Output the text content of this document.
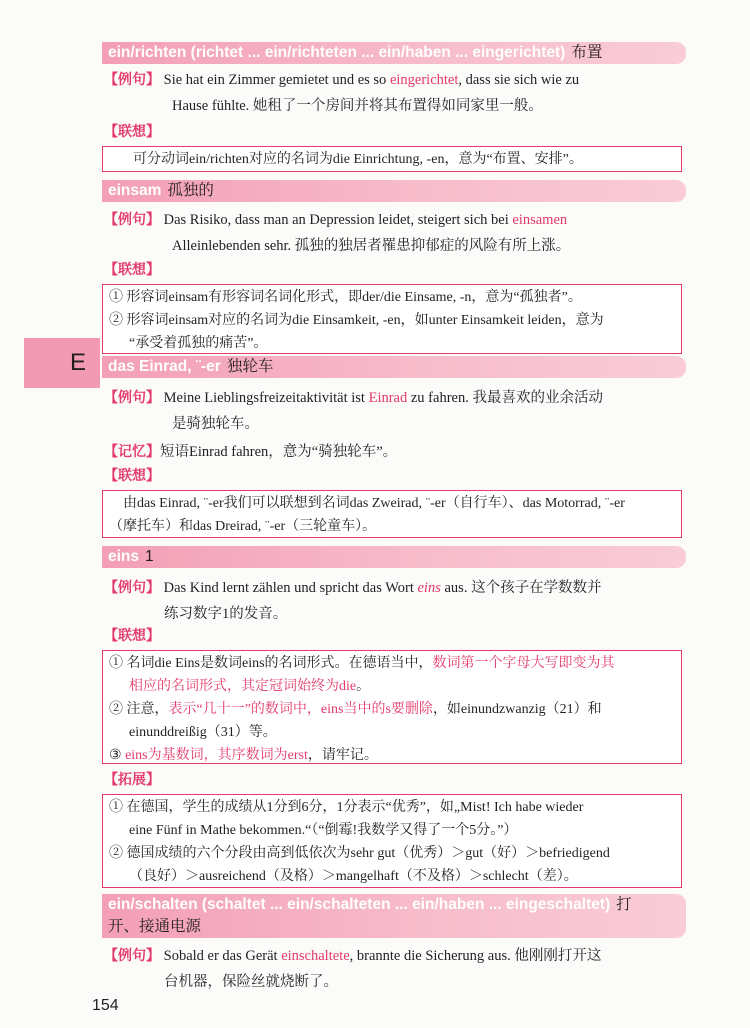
ein/richten (richtet ... ein/richteten ... ein/haben ... eingerichtet) 布置
【例句】 Sie hat ein Zimmer gemietet und es so eingerichtet, dass sie sich wie zu
Hause fühlte. 她租了一个房间并将其布置得如同家里一般。
【联想】
可分动词ein/richten对应的名词为die Einrichtung, -en，意为“布置、安排”。
einsam 孤独的
【例句】 Das Risiko, dass man an Depression leidet, steigert sich bei einsamen
Alleinlebenden sehr. 孤独的独居者罹患抑郁症的风险有所上涨。
【联想】
① 形容词einsam有形容词名词化形式，即der/die Einsame, -n，意为“孤独者”。
② 形容词einsam对应的名词为die Einsamkeit, -en，如unter Einsamkeit leiden，意为
“承受着孤独的痛苦”。
E	das Einrad, ¨-er 独轮车
【例句】 Meine Lieblingsfreizeitaktivität ist Einrad zu fahren. 我最喜欢的业余活动
是骑独轮车。
【记忆】短语Einrad fahren，意为“骑独轮车”。
【联想】
由das Einrad, ¨-er我们可以联想到名词das Zweirad, ¨-er（自行车）、das Motorrad, ¨-er
（摩托车）和das Dreirad, ¨-er（三轮童车）。
eins 1
【例句】 Das Kind lernt zählen und spricht das Wort eins aus. 这个孩子在学数数并
练习数字1的发音。
【联想】
① 名词die Eins是数词eins的名词形式。在德语当中，数词第一个字母大写即变为其
相应的名词形式，其定冠词始终为die。
② 注意，表示“几十一”的数词中，eins当中的s要删除，如einundzwanzig（21）和
einunddreißig（31）等。
③ eins为基数词，其序数词为erst，请牢记。
【拓展】
① 在德国，学生的成绩从1分到6分，1分表示“优秀”，如„Mist! Ich habe wieder
eine Fünf in Mathe bekommen.“（“倒霉!我数学又得了一个5分。”）
② 德国成绩的六个分段由高到低依次为sehr gut（优秀）＞gut（好）＞befriedigend
（良好）＞ausreichend（及格）＞mangelhaft（不及格）＞schlecht（差）。
ein/schalten (schaltet ... ein/schalteten ... ein/haben ... eingeschaltet) 打
开、接通电源
【例句】 Sobald er das Gerät einschaltete, brannte die Sicherung aus. 他刚刚打开这
台机器，保险丝就烧断了。
154
